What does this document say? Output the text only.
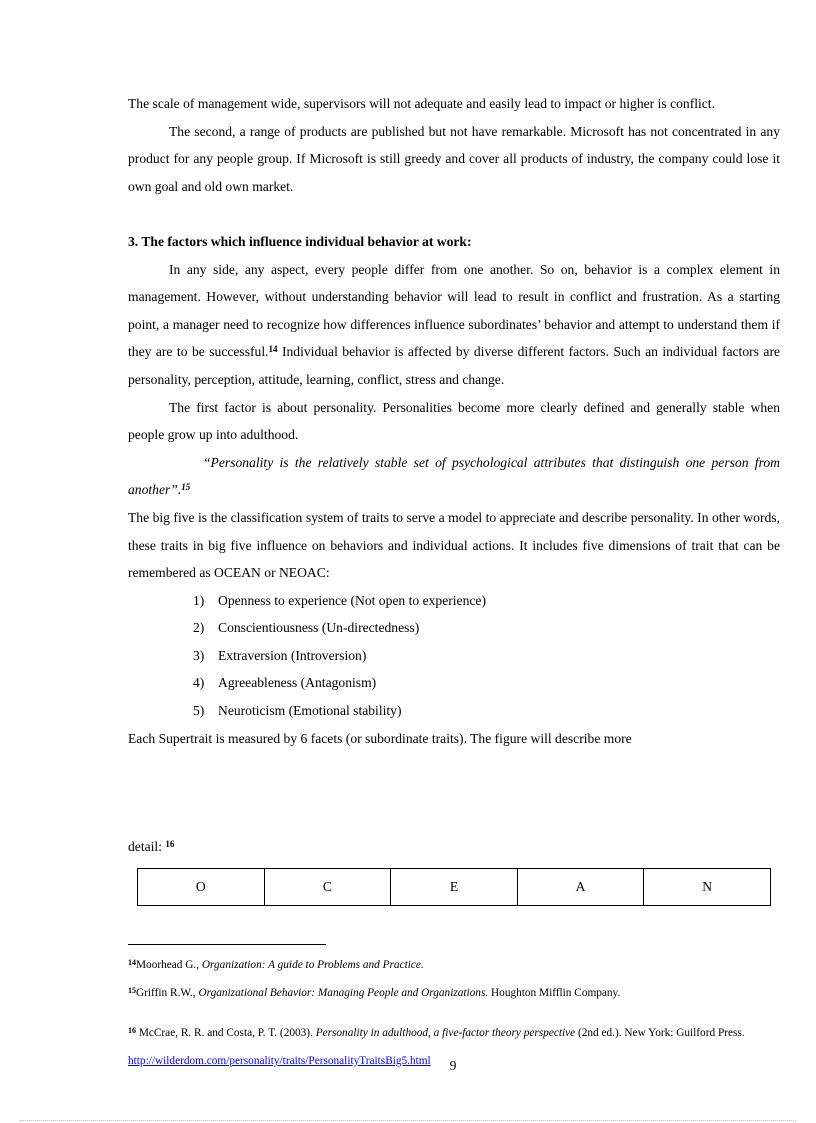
The scale of management wide, supervisors will not adequate and easily lead to impact or higher is conflict.

The second, a range of products are published but not have remarkable. Microsoft has not concentrated in any product for any people group. If Microsoft is still greedy and cover all products of industry, the company could lose it own goal and old own market.

3. The factors which influence individual behavior at work:

In any side, any aspect, every people differ from one another. So on, behavior is a complex element in management. However, without understanding behavior will lead to result in conflict and frustration. As a starting point, a manager need to recognize how differences influence subordinates’ behavior and attempt to understand them if they are to be successful.$^{14}$ Individual behavior is affected by diverse different factors. Such an individual factors are personality, perception, attitude, learning, conflict, stress and change.

The first factor is about personality. Personalities become more clearly defined and generally stable when people grow up into adulthood.

“Personality is the relatively stable set of psychological attributes that distinguish one person from another”.$^{15}$

The big five is the classification system of traits to serve a model to appreciate and describe personality. In other words, these traits in big five influence on behaviors and individual actions. It includes five dimensions of trait that can be remembered as OCEAN or NEOAC:

1) Openness to experience (Not open to experience)
2) Conscientiousness (Un-directedness)
3) Extraversion (Introversion)
4) Agreeableness (Antagonism)
5) Neuroticism (Emotional stability)

Each Supertrait is measured by 6 facets (or subordinate traits). The figure will describe more

detail: $^{16}$
O	C	E	A	N

$^{14}$Moorhead G., Organization: A guide to Problems and Practice.

$^{15}$Griffin R.W., Organizational Behavior: Managing People and Organizations. Houghton Mifflin Company.

$^{16}$ McCrae, R. R. and Costa, P. T. (2003). Personality in adulthood, a five-factor theory perspective (2nd ed.). New York: Guilford Press.

http://wilderdom.com/personality/traits/PersonalityTraitsBig5.html	9
